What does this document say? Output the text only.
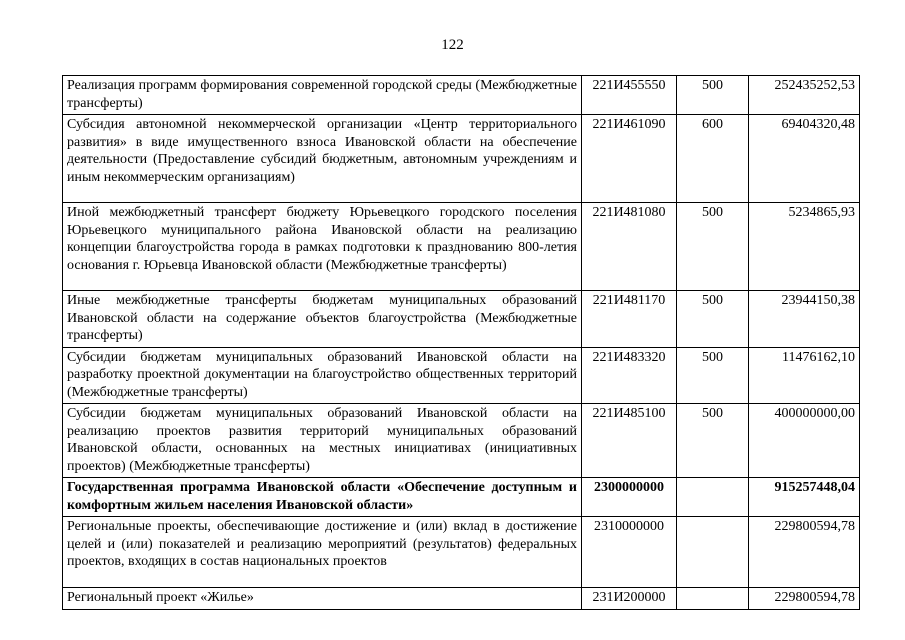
122
Реализация программ формирования современной городской среды (Межбюджетные трансферты)	221И455550	500	252435252,53
Субсидия автономной некоммерческой организации «Центр территориального развития» в виде имущественного взноса Ивановской области на обеспечение деятельности (Предоставление субсидий бюджетным, автономным учреждениям и иным некоммерческим организациям)	221И461090	600	69404320,48
Иной межбюджетный трансферт бюджету Юрьевецкого городского поселения Юрьевецкого муниципального района Ивановской области на реализацию концепции благоустройства города в рамках подготовки к празднованию 800-летия основания г. Юрьевца Ивановской области (Межбюджетные трансферты)	221И481080	500	5234865,93
Иные межбюджетные трансферты бюджетам муниципальных образований Ивановской области на содержание объектов благоустройства (Межбюджетные трансферты)	221И481170	500	23944150,38
Субсидии бюджетам муниципальных образований Ивановской области на разработку проектной документации на благоустройство общественных территорий (Межбюджетные трансферты)	221И483320	500	11476162,10
Субсидии бюджетам муниципальных образований Ивановской области на реализацию проектов развития территорий муниципальных образований Ивановской области, основанных на местных инициативах (инициативных проектов) (Межбюджетные трансферты)	221И485100	500	400000000,00
Государственная программа Ивановской области «Обеспечение доступным и комфортным жильем населения Ивановской области»	2300000000		915257448,04
Региональные проекты, обеспечивающие достижение и (или) вклад в достижение целей и (или) показателей и реализацию мероприятий (результатов) федеральных проектов, входящих в состав национальных проектов	2310000000		229800594,78
Региональный проект «Жилье»	231И200000		229800594,78
